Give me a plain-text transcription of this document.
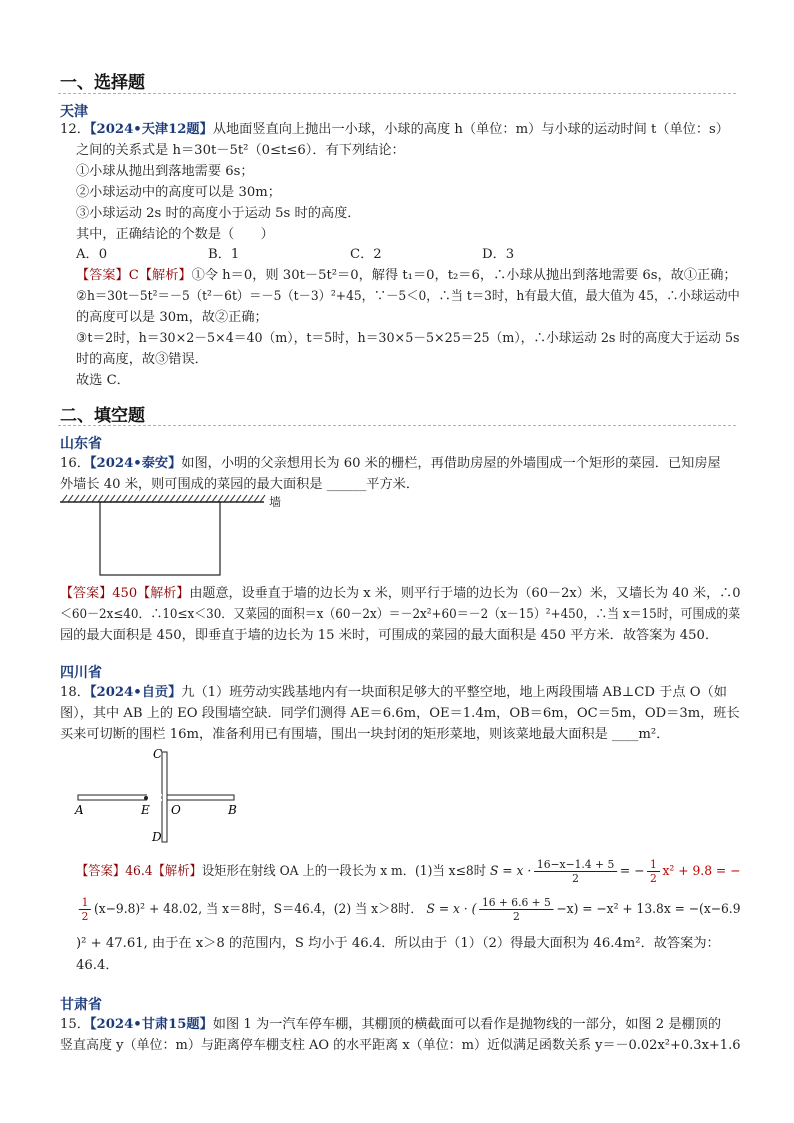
一、选择题
天津
12．【2024•天津12题】从地面竖直向上抛出一小球，小球的高度 h（单位：m）与小球的运动时间 t（单位：s）
之间的关系式是 h＝30t－5t²（0≤t≤6）．有下列结论：
①小球从抛出到落地需要 6s；
②小球运动中的高度可以是 30m；
③小球运动 2s 时的高度小于运动 5s 时的高度．
其中，正确结论的个数是（　　）
A．0	B．1	C．2	D．3
【答案】C【解析】①令 h＝0，则 30t－5t²＝0，解得 t₁＝0，t₂＝6，∴小球从抛出到落地需要 6s，故①正确；
②h＝30t－5t²＝－5（t²－6t）＝－5（t－3）²+45，∵－5＜0，∴当 t＝3时，h有最大值，最大值为 45，∴小球运动中
的高度可以是 30m，故②正确；
③t＝2时，h＝30×2－5×4＝40（m），t＝5时，h＝30×5－5×25＝25（m），∴小球运动 2s 时的高度大于运动 5s
时的高度，故③错误．
故选 C．
二、填空题
山东省
16．【2024•泰安】如图，小明的父亲想用长为 60 米的栅栏，再借助房屋的外墙围成一个矩形的菜园．已知房屋
外墙长 40 米，则可围成的菜园的最大面积是 ______平方米．
墙
【答案】450【解析】由题意，设垂直于墙的边长为 x 米，则平行于墙的边长为（60－2x）米，又墙长为 40 米，∴0
＜60－2x≤40．∴10≤x＜30．又菜园的面积＝x（60－2x）＝－2x²+60＝－2（x－15）²+450，∴当 x＝15时，可围成的菜
园的最大面积是 450，即垂直于墙的边长为 15 米时，可围成的菜园的最大面积是 450 平方米．故答案为 450．
四川省
18．【2024•自贡】九（1）班劳动实践基地内有一块面积足够大的平整空地，地上两段围墙 AB⊥CD 于点 O（如
图），其中 AB 上的 EO 段围墙空缺．同学们测得 AE＝6.6m，OE＝1.4m，OB＝6m，OC＝5m，OD＝3m，班长
买来可切断的围栏 16m，准备利用已有围墙，围出一块封闭的矩形菜地，则该菜地最大面积是 ____m²．
A	E O	B
C
D
【答案】46.4【解析】设矩形在射线 OA 上的一段长为 x m．(1)当 x≤8时 $S = x \cdot \frac{16-x-1.4 + 5}{2}$ = − $\frac{1}{2} x^2 + 9.8$ = −
$\frac{1}{2} (x-9.8)^2 + 48.02$, 当 x＝8时，S＝46.4，(2) 当 x＞8时． S = x · ( $\frac{16 + 6.6 + 5}{2} -x) = -x^2 + 13.8x = -(x-6.9$
)² + 47.61, 由于在 x＞8 的范围内，S 均小于 46.4．所以由于（1）（2）得最大面积为 46.4m²．故答案为：
46.4．
甘肃省
15．【2024•甘肃15题】如图 1 为一汽车停车棚，其棚顶的横截面可以看作是抛物线的一部分，如图 2 是棚顶的
竖直高度 y（单位：m）与距离停车棚支柱 AO 的水平距离 x（单位：m）近似满足函数关系 y＝－0.02x²+0.3x+1.6
